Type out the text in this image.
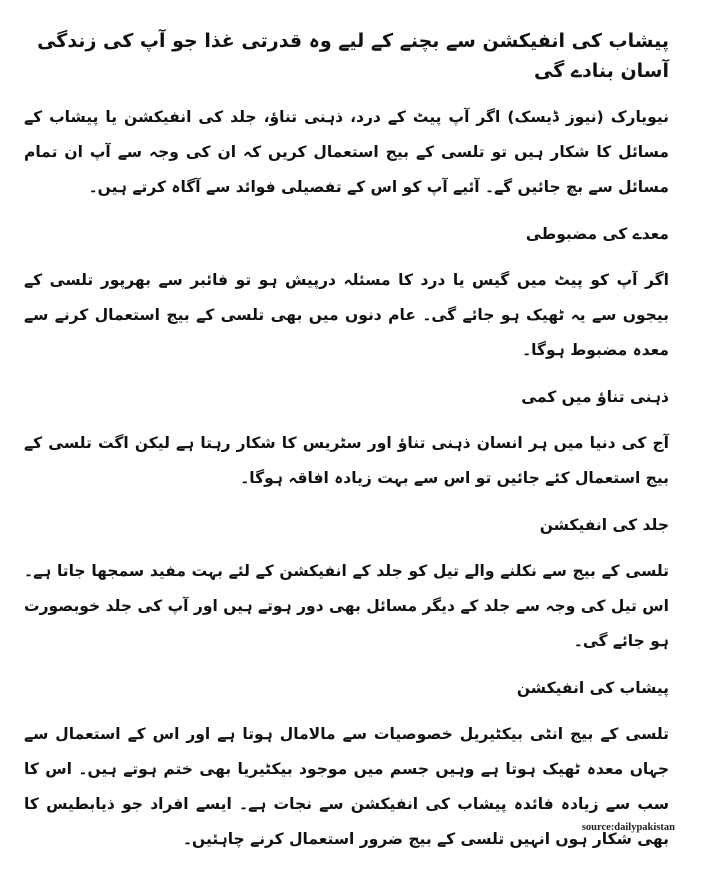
پیشاب کی انفیکشن سے بچنے کے لیے وہ قدرتی غذا جو آپ کی زندگی آسان بنادے گی

نیویارک (نیوز ڈیسک) اگر آپ پیٹ کے درد، ذہنی تناؤ، جلد کی انفیکشن یا پیشاب کے مسائل کا شکار ہیں تو تلسی کے بیج استعمال کریں کہ ان کی وجہ سے آپ ان تمام مسائل سے بچ جائیں گے۔ آئیے آپ کو اس کے تفصیلی فوائد سے آگاہ کرتے ہیں۔

معدے کی مضبوطی

اگر آپ کو پیٹ میں گیس یا درد کا مسئلہ درپیش ہو تو فائبر سے بھرپور تلسی کے بیجوں سے یہ ٹھیک ہو جائے گی۔ عام دنوں میں بھی تلسی کے بیج استعمال کرنے سے معدہ مضبوط ہوگا۔

ذہنی تناؤ میں کمی

آج کی دنیا میں ہر انسان ذہنی تناؤ اور سٹریس کا شکار رہتا ہے لیکن اگت تلسی کے بیج استعمال کئے جائیں تو اس سے بہت زیادہ افاقہ ہوگا۔

جلد کی انفیکشن

تلسی کے بیج سے نکلنے والے تیل کو جلد کے انفیکشن کے لئے بہت مفید سمجھا جاتا ہے۔ اس تیل کی وجہ سے جلد کے دیگر مسائل بھی دور ہوتے ہیں اور آپ کی جلد خوبصورت ہو جائے گی۔

پیشاب کی انفیکشن

تلسی کے بیج انٹی بیکٹیریل خصوصیات سے مالامال ہوتا ہے اور اس کے استعمال سے جہاں معدہ ٹھیک ہوتا ہے وہیں جسم میں موجود بیکٹیریا بھی ختم ہوتے ہیں۔ اس کا سب سے زیادہ فائدہ پیشاب کی انفیکشن سے نجات ہے۔ ایسے افراد جو ذیابطیس کا بھی شکار ہوں انہیں تلسی کے بیج ضرور استعمال کرنے چاہئیں۔

source:dailypakistan
